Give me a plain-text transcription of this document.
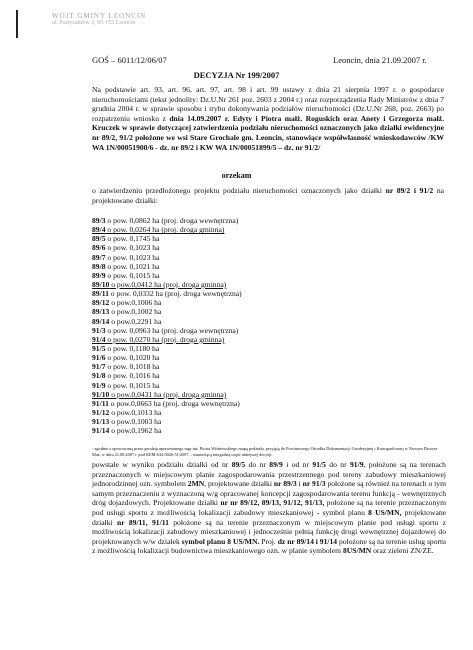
WÓJT GMINY LEONCIN
ul. Partyzantów 3, 05-155 Leoncin
GOŚ – 6011/12/06/07	Leoncin, dnia 21.09.2007 r.
DECYZJA Nr 199/2007
Na podstawie art. 93, art. 96, art. 97, art. 98 i art. 99 ustawy z dnia 21 sierpnia 1997 r. o gospodarce nieruchomościami (tekst jednolity: Dz.U.Nr 261 poz. 2603 z 2004 r.) oraz rozporządzenia Rady Ministrów z dnia 7 grudnia 2004 r. w sprawie sposobu i trybu dokonywania podziałów nieruchomości (Dz.U.Nr 268, poz. 2663) po rozpatrzeniu wniosku z dnia 14.09.2007 r. Edyty i Piotra małż. Roguskich oraz Anety i Grzegorza małż. Kruczek w sprawie dotyczącej zatwierdzenia podziału nieruchomości oznaczonych jako działki ewidencyjne nr 89/2, 91/2 położone we wsi Stare Grochale gm. Leoncin, stanowiące współwłasność wnioskodawców /KW WA 1N/00051900/6 - dz. nr 89/2 i KW WA 1N/00051899/5 – dz. nr 91/2/
orzekam
o zatwierdzeniu przedłożonego projektu podziału nieruchomości oznaczonych jako działki nr 89/2 i 91/2 na projektowane działki:
89/3 o pow. 0,0862 ha (proj. droga wewnętrzna)
89/4 o pow. 0,0264 ha (proj. droga gminna)
89/5 o pow. 0,1745 ha
89/6 o pow. 0,1023 ha
89/7 o pow. 0,1023 ha
89/8 o pow. 0,1021 ha
89/9 o pow. 0,1015 ha
89/10 o pow.0,0412 ha (proj. droga gminna)
89/11 o pow. 0,0332 ha (proj. droga wewnętrzna)
89/12 o pow.0,1006 ha
89/13 o pow.0,1002 ha
89/14 o pow.0,2291 ha
91/3 o pow. 0,0963 ha (proj. droga wewnętrzna)
91/4 o pow. 0,0270 ha (proj. droga gminna)
91/5 o pow. 0,1180 ha
91/6 o pow. 0,1020 ha
91/7 o pow. 0,1018 ha
91/8 o pow. 0,1016 ha
91/9 o pow. 0,1015 ha
91/10 o pow.0,0431 ha (proj. droga gminna)
91/11 o pow.0,0663 ha (proj. droga wewnętrzna)
91/12 o pow.0,1013 ha
91/13 o pow.0,1003 ha
91/14 o pow.0,1962 ha
- zgodnie z opracowaną przez geodetę uprawnionego mgr inż. Piotra Wiśniewskiego mapą podziału, przyjętą do Powiatowego Ośrodka Dokumentacji Geodezyjnej i Kartograficznej w Nowym Dworze Maz. w dniu 21.08.2007 r. pod KEM-632.0026-51/2007 – stanowiącą integralną część niniejszej decyzji.
powstałe w wyniku podziału działki od nr 89/5 do nr 89/9 i od nr 91/5 do nr 91/9, położone są na terenach przeznaczonych w miejscowym planie zagospodarowania przestrzennego pod tereny zabudowy mieszkaniowej jednorodzinnej ozn. symbolem 2MN, projektowane działki nr 89/3 i nr 91/3 położone są również na terenach o tym samym przeznaczeniu z wyznaczoną w/g opracowanej koncepcji zagospodarowania terenu funkcją - wewnętrznych dróg dojazdowych. Projektowane działki nr nr 89/12, 89/13, 91/12, 91/13, położone są na terenie przeznaczonym pod usługi sportu z możliwością lokalizacji zabudowy mieszkaniowej - symbol planu 8 US/MN, projektowane działki nr 89/11, 91/11 położone są na terenie przeznaczonym w miejscowym planie pod usługi sportu z możliwością lokalizacji zabudowy mieszkaniowej i jednocześnie pełnią funkcję drogi wewnętrznej dojazdowej do projektowanych w/w działek symbol planu 8 US/MN. Proj. dz nr 89/14 i 91/14 położone są na terenie usług sportu z możliwością lokalizacji budownictwa mieszkaniowego ozn. w planie symbolem 8US/MN oraz zieleni ZN/ZE.
